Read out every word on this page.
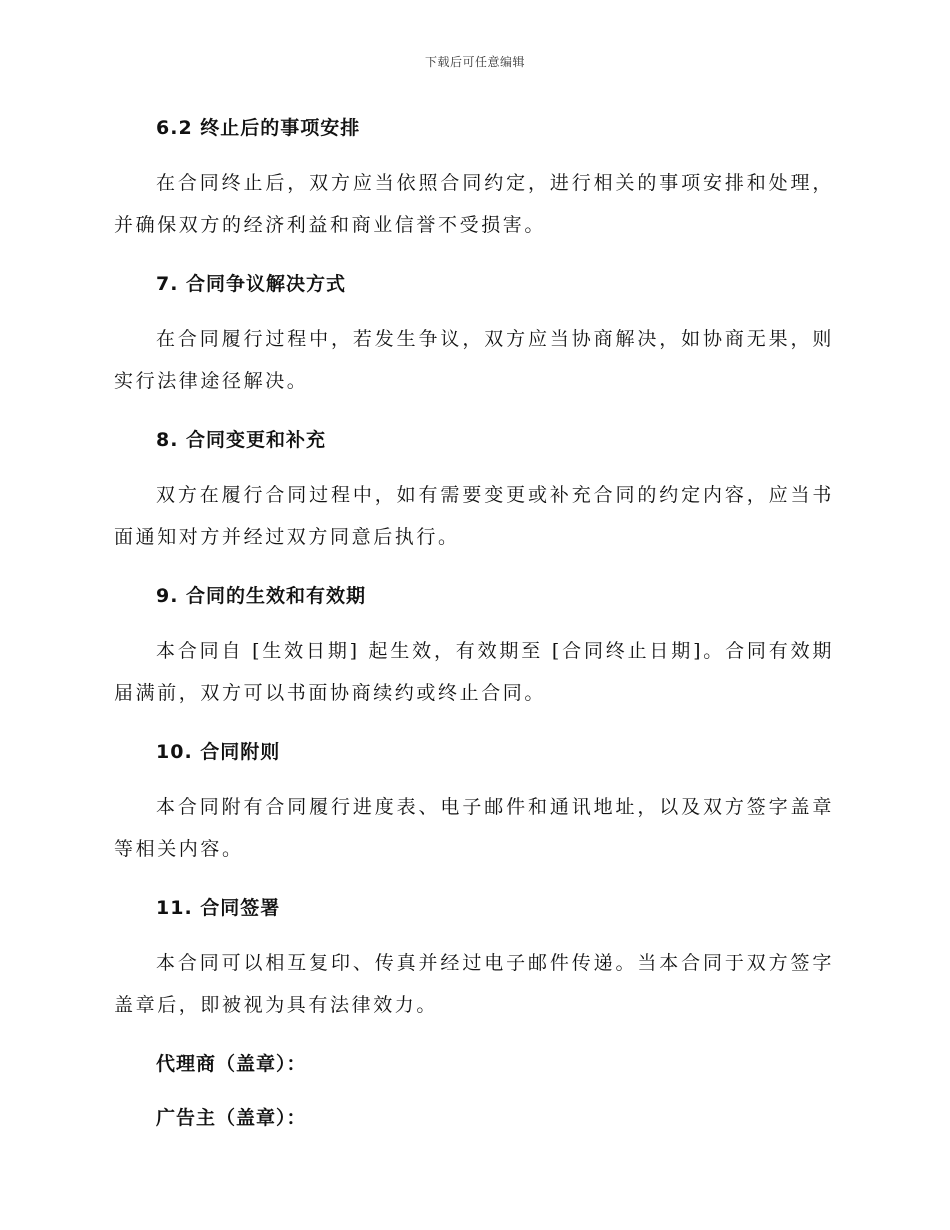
下载后可任意编辑
6.2 终止后的事项安排

在合同终止后，双方应当依照合同约定，进行相关的事项安排和处理，并确保双方的经济利益和商业信誉不受损害。

7. 合同争议解决方式

在合同履行过程中，若发生争议，双方应当协商解决，如协商无果，则实行法律途径解决。

8. 合同变更和补充

双方在履行合同过程中，如有需要变更或补充合同的约定内容，应当书面通知对方并经过双方同意后执行。

9. 合同的生效和有效期

本合同自 [生效日期] 起生效，有效期至 [合同终止日期]。合同有效期届满前，双方可以书面协商续约或终止合同。

10. 合同附则

本合同附有合同履行进度表、电子邮件和通讯地址，以及双方签字盖章等相关内容。

11. 合同签署

本合同可以相互复印、传真并经过电子邮件传递。当本合同于双方签字盖章后，即被视为具有法律效力。

代理商（盖章）：
广告主（盖章）：
